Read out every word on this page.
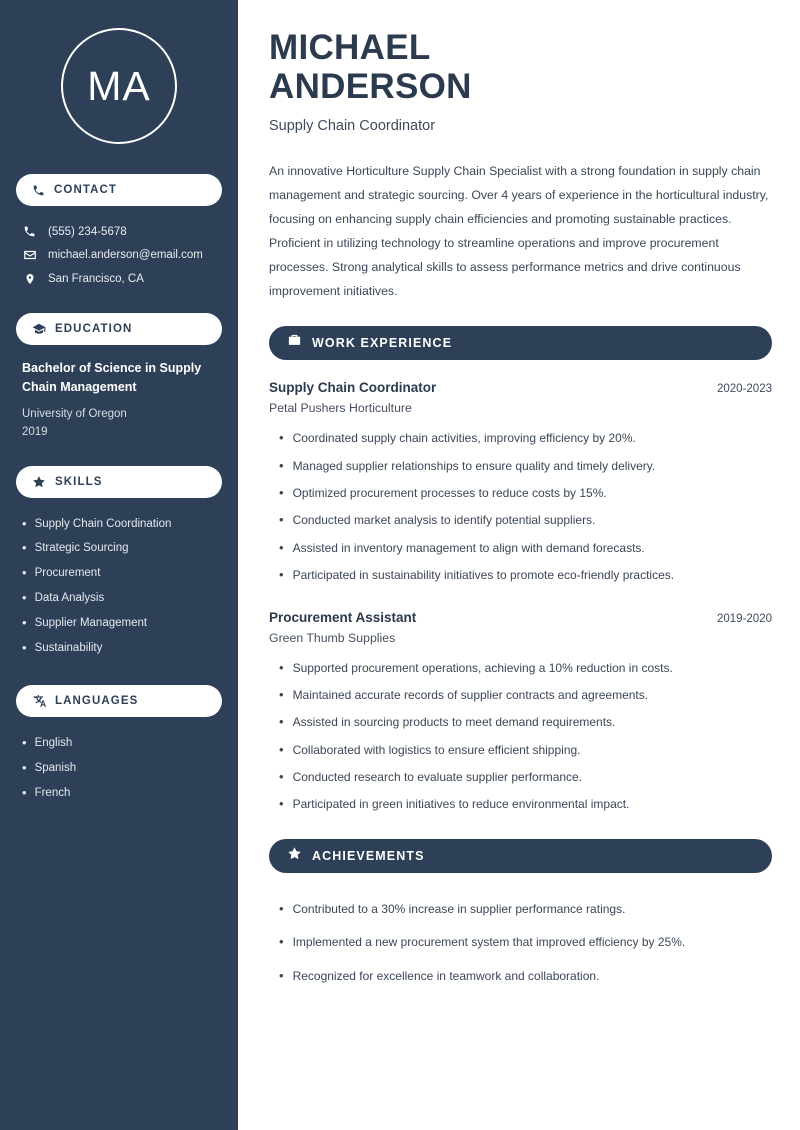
MA
CONTACT
(555) 234-5678
michael.anderson@email.com
San Francisco, CA
EDUCATION
Bachelor of Science in Supply Chain Management
University of Oregon
2019
SKILLS
• Supply Chain Coordination
• Strategic Sourcing
• Procurement
• Data Analysis
• Supplier Management
• Sustainability
LANGUAGES
• English
• Spanish
• French
MICHAEL
ANDERSON
Supply Chain Coordinator

An innovative Horticulture Supply Chain Specialist with a strong foundation in supply chain management and strategic sourcing. Over 4 years of experience in the horticultural industry, focusing on enhancing supply chain efficiencies and promoting sustainable practices. Proficient in utilizing technology to streamline operations and improve procurement processes. Strong analytical skills to assess performance metrics and drive continuous improvement initiatives.

WORK EXPERIENCE
Supply Chain Coordinator	2020-2023
Petal Pushers Horticulture
• Coordinated supply chain activities, improving efficiency by 20%.
• Managed supplier relationships to ensure quality and timely delivery.
• Optimized procurement processes to reduce costs by 15%.
• Conducted market analysis to identify potential suppliers.
• Assisted in inventory management to align with demand forecasts.
• Participated in sustainability initiatives to promote eco-friendly practices.
Procurement Assistant	2019-2020
Green Thumb Supplies
• Supported procurement operations, achieving a 10% reduction in costs.
• Maintained accurate records of supplier contracts and agreements.
• Assisted in sourcing products to meet demand requirements.
• Collaborated with logistics to ensure efficient shipping.
• Conducted research to evaluate supplier performance.
• Participated in green initiatives to reduce environmental impact.
ACHIEVEMENTS
• Contributed to a 30% increase in supplier performance ratings.
• Implemented a new procurement system that improved efficiency by 25%.
• Recognized for excellence in teamwork and collaboration.
